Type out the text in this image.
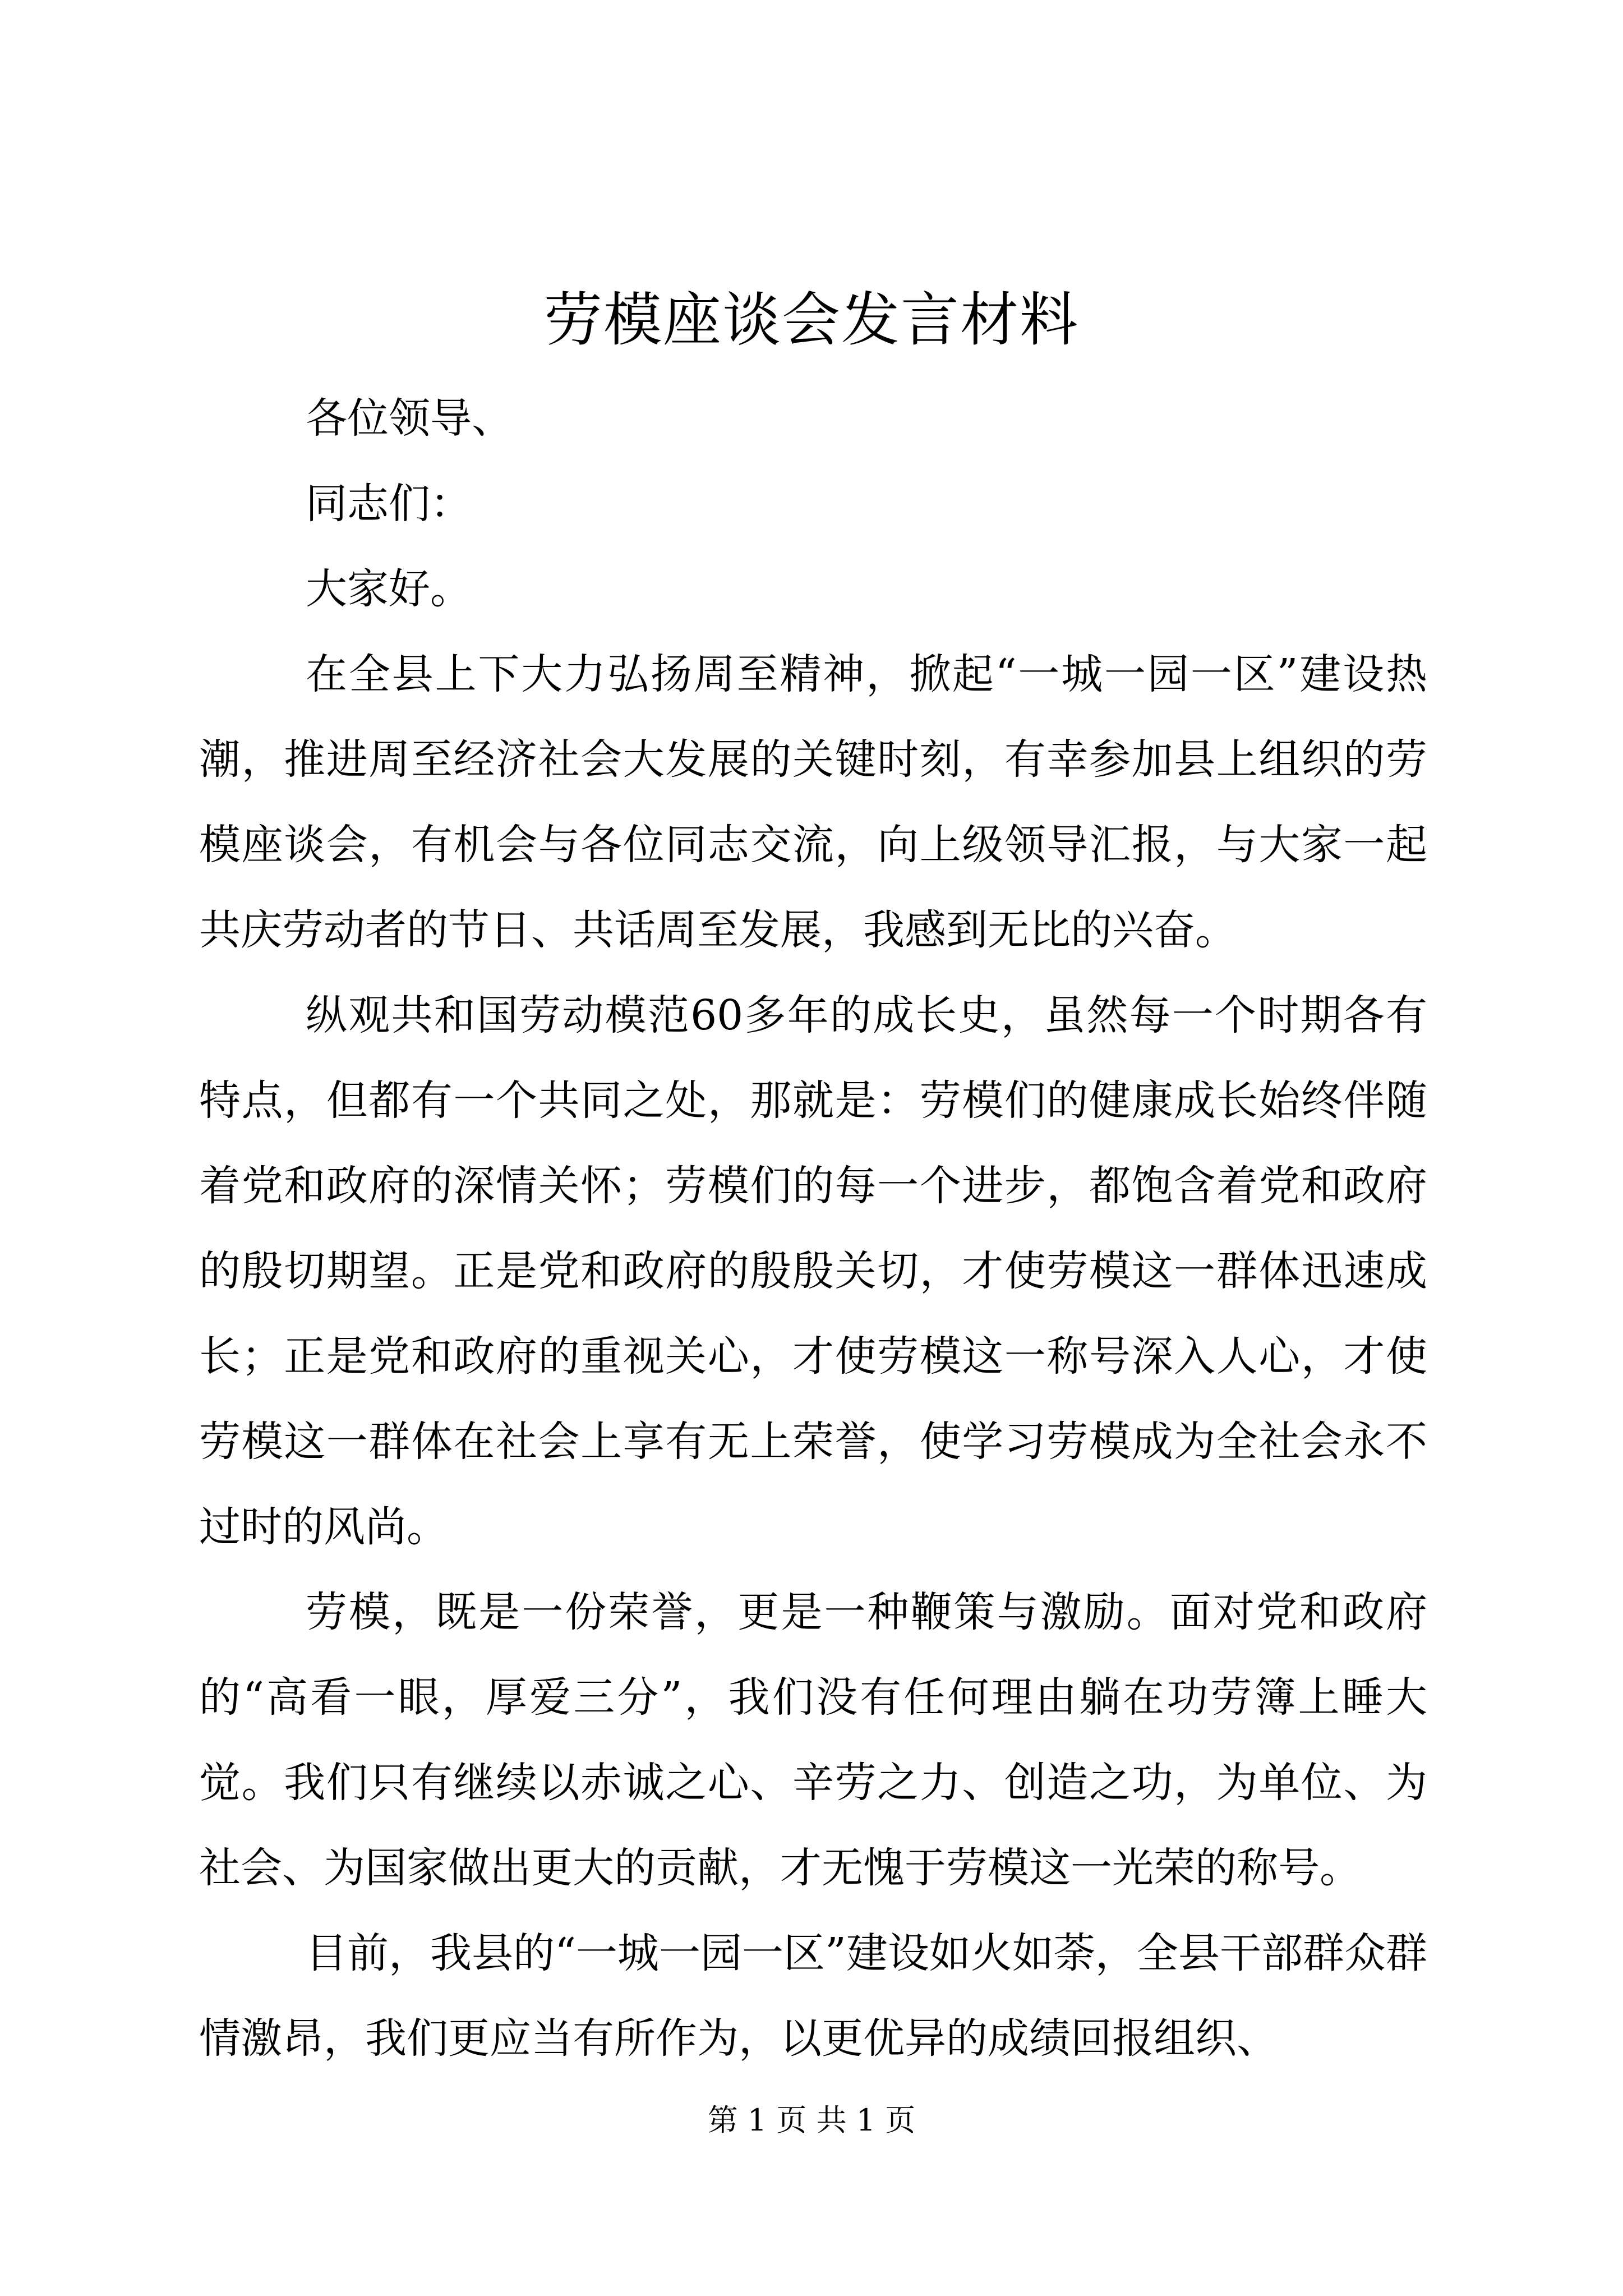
劳模座谈会发言材料

各位领导、

同志们：

大家好。

在全县上下大力弘扬周至精神，掀起“一城一园一区”建设热潮，推进周至经济社会大发展的关键时刻，有幸参加县上组织的劳模座谈会，有机会与各位同志交流，向上级领导汇报，与大家一起共庆劳动者的节日、共话周至发展，我感到无比的兴奋。

纵观共和国劳动模范60多年的成长史，虽然每一个时期各有特点，但都有一个共同之处，那就是：劳模们的健康成长始终伴随着党和政府的深情关怀；劳模们的每一个进步，都饱含着党和政府的殷切期望。正是党和政府的殷殷关切，才使劳模这一群体迅速成长；正是党和政府的重视关心，才使劳模这一称号深入人心，才使劳模这一群体在社会上享有无上荣誉，使学习劳模成为全社会永不过时的风尚。

劳模，既是一份荣誉，更是一种鞭策与激励。面对党和政府的“高看一眼，厚爱三分”，我们没有任何理由躺在功劳簿上睡大觉。我们只有继续以赤诚之心、辛劳之力、创造之功，为单位、为社会、为国家做出更大的贡献，才无愧于劳模这一光荣的称号。

目前，我县的“一城一园一区”建设如火如荼，全县干部群众群情激昂，我们更应当有所作为，以更优异的成绩回报组织、

第 1 页 共 1 页
